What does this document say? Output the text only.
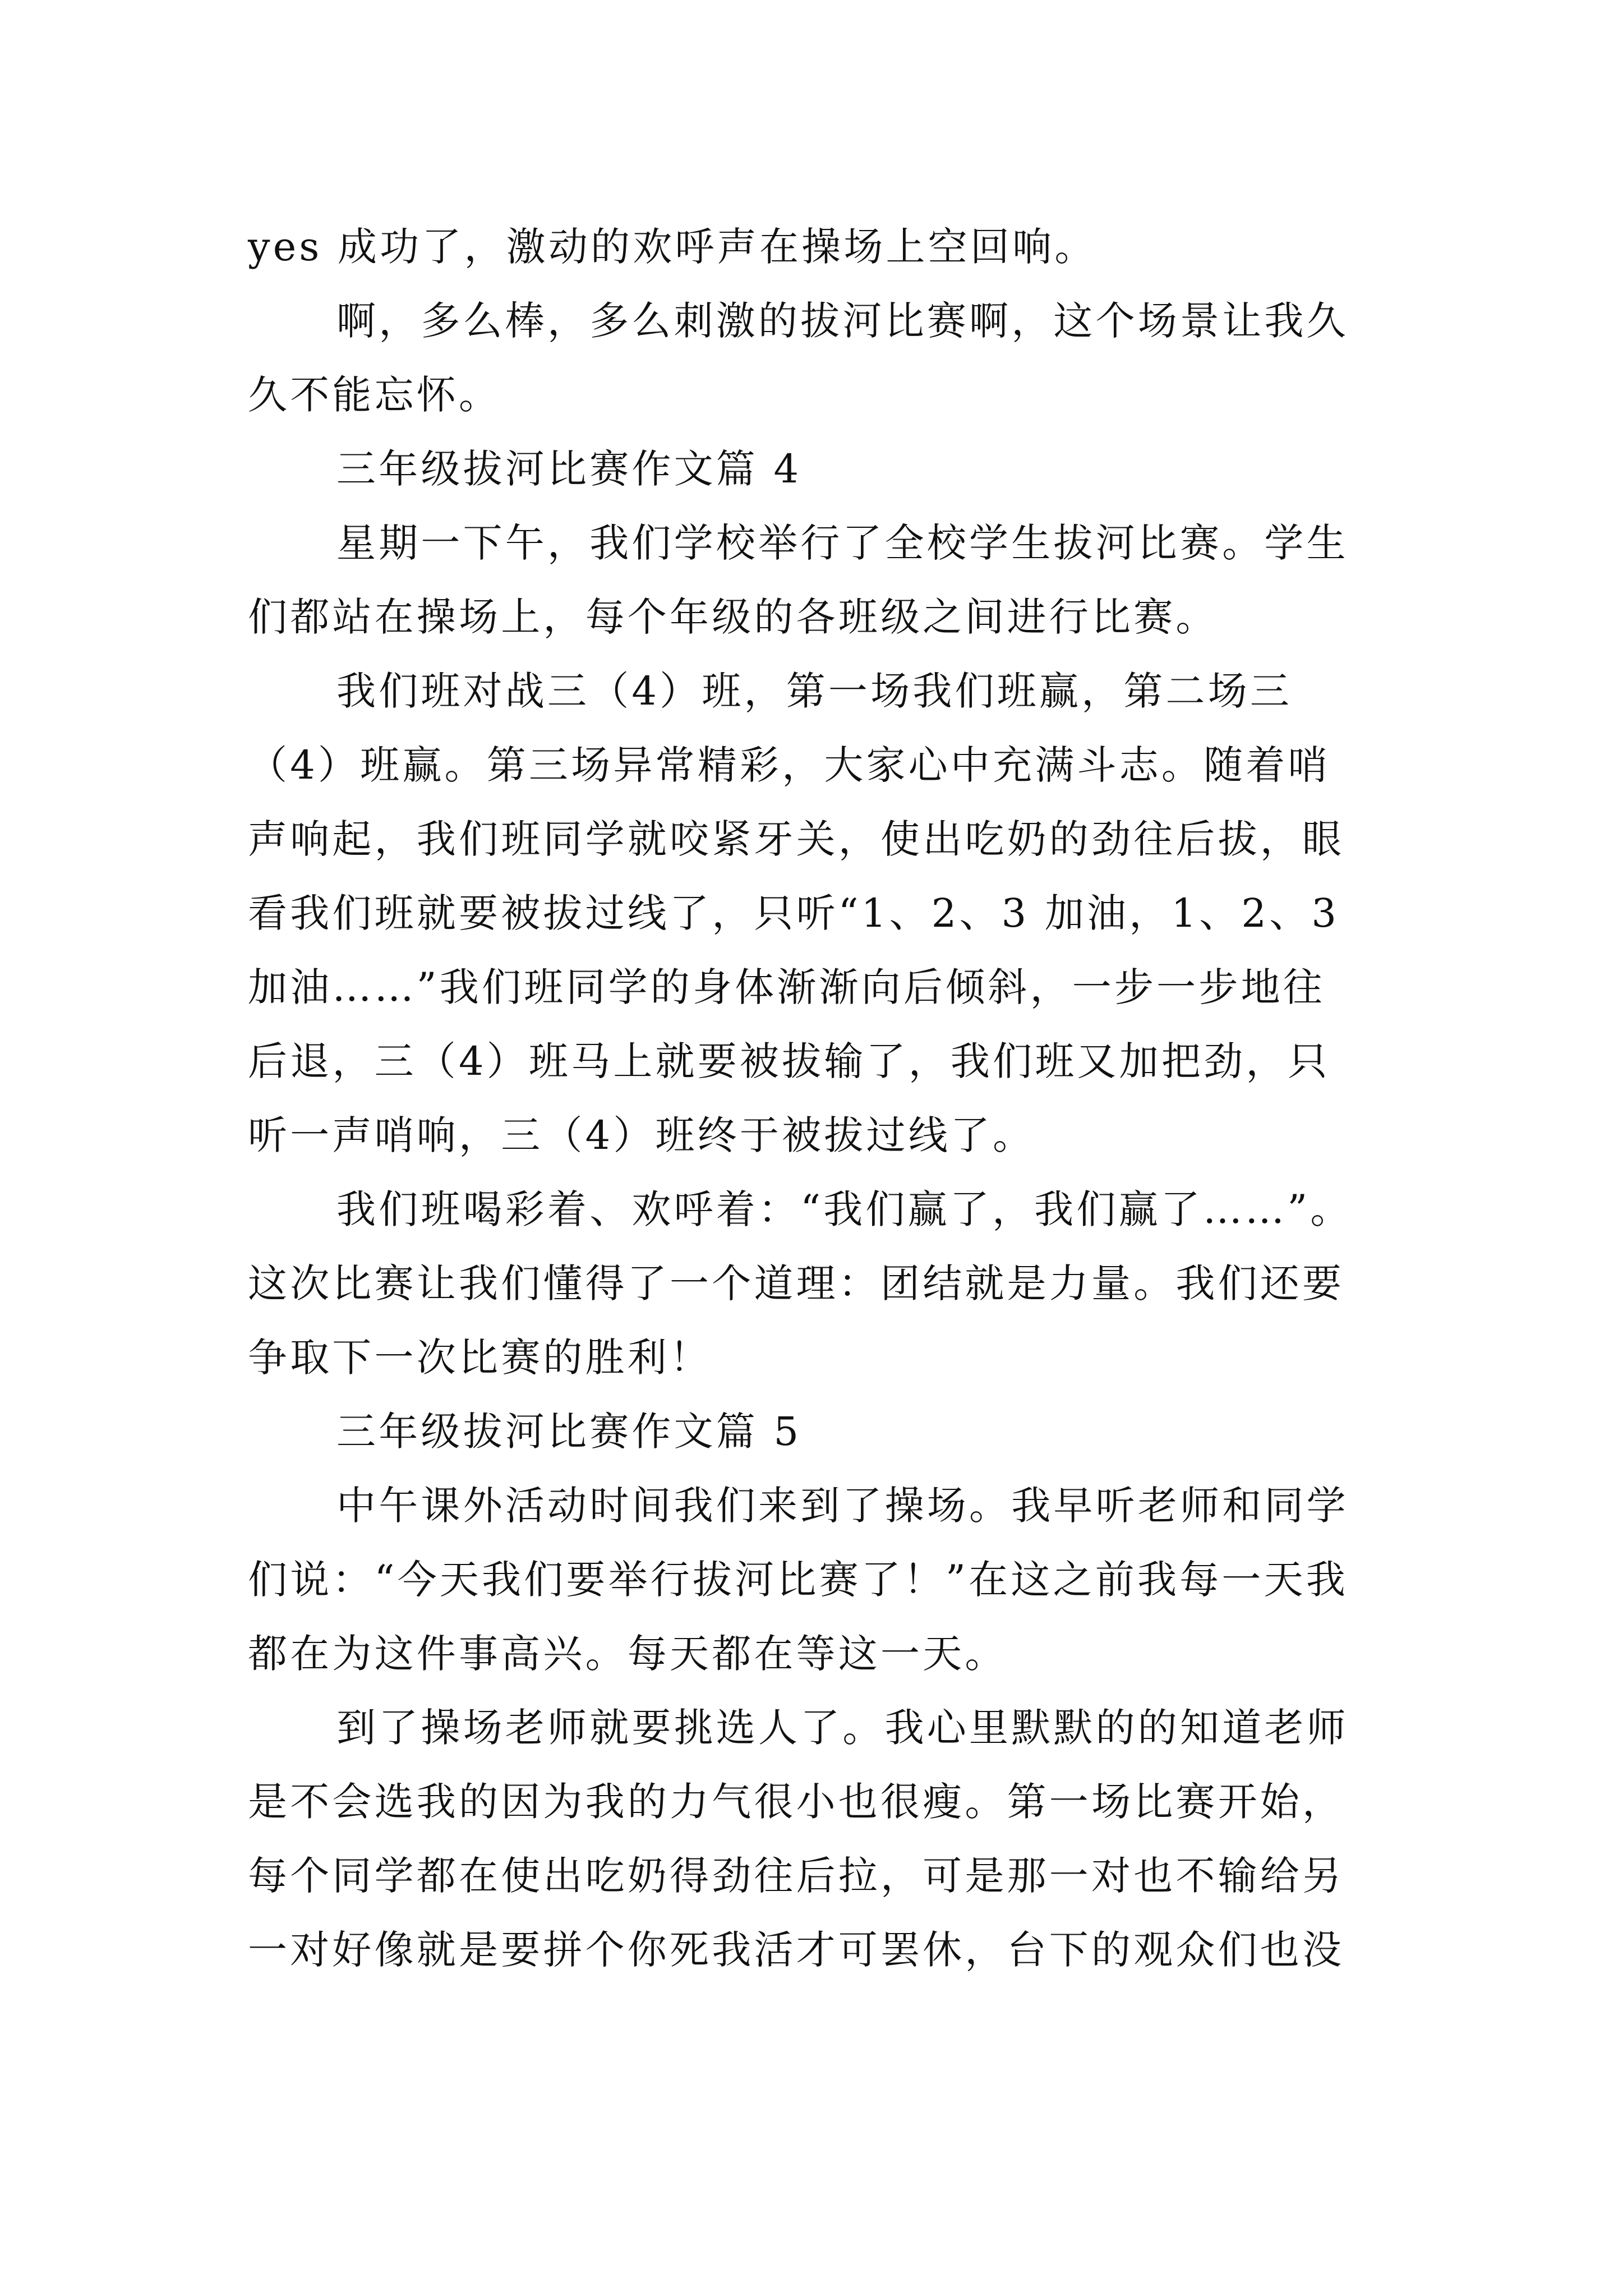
yes 成功了，激动的欢呼声在操场上空回响。
啊，多么棒，多么刺激的拔河比赛啊，这个场景让我久
久不能忘怀。
三年级拔河比赛作文篇 4
星期一下午，我们学校举行了全校学生拔河比赛。学生
们都站在操场上，每个年级的各班级之间进行比赛。
我们班对战三（4）班，第一场我们班赢，第二场三
（4）班赢。第三场异常精彩，大家心中充满斗志。随着哨
声响起，我们班同学就咬紧牙关，使出吃奶的劲往后拔，眼
看我们班就要被拔过线了，只听“1、2、3 加油，1、2、3
加油……”我们班同学的身体渐渐向后倾斜，一步一步地往
后退，三（4）班马上就要被拔输了，我们班又加把劲，只
听一声哨响，三（4）班终于被拔过线了。
我们班喝彩着、欢呼着：“我们赢了，我们赢了……”。
这次比赛让我们懂得了一个道理：团结就是力量。我们还要
争取下一次比赛的胜利！
三年级拔河比赛作文篇 5
中午课外活动时间我们来到了操场。我早听老师和同学
们说：“今天我们要举行拔河比赛了！”在这之前我每一天我
都在为这件事高兴。每天都在等这一天。
到了操场老师就要挑选人了。我心里默默的的知道老师
是不会选我的因为我的力气很小也很瘦。第一场比赛开始，
每个同学都在使出吃奶得劲往后拉，可是那一对也不输给另
一对好像就是要拼个你死我活才可罢休，台下的观众们也没
